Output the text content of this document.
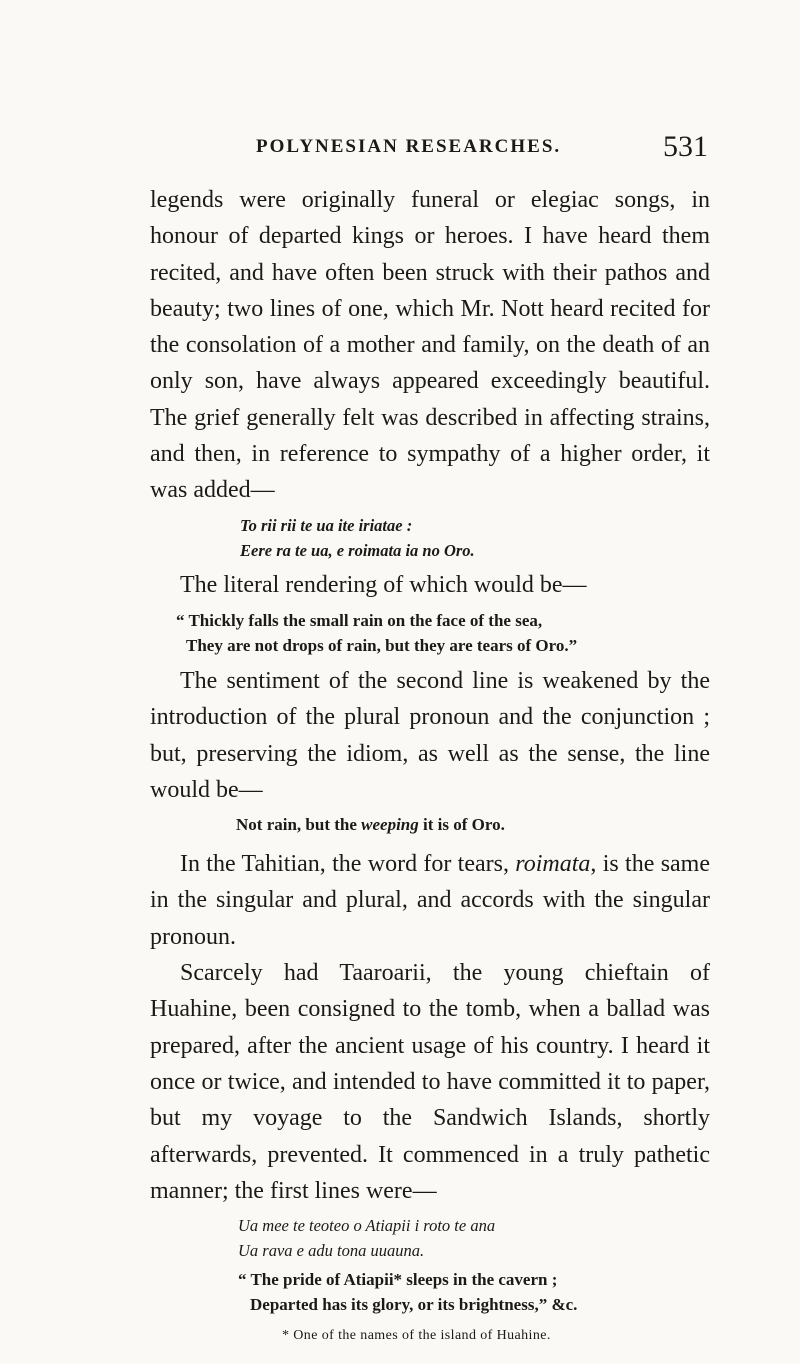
POLYNESIAN RESEARCHES.	531

legends were originally funeral or elegiac songs, in honour of departed kings or heroes. I have heard them recited, and have often been struck with their pathos and beauty; two lines of one, which Mr. Nott heard recited for the consolation of a mother and family, on the death of an only son, have always appeared exceedingly beautiful. The grief generally felt was described in affecting strains, and then, in reference to sympathy of a higher order, it was added—

To rii rii te ua ite iriatae :
Eere ra te ua, e roimata ia no Oro.

The literal rendering of which would be—

“ Thickly falls the small rain on the face of the sea,
They are not drops of rain, but they are tears of Oro.”

The sentiment of the second line is weakened by the introduction of the plural pronoun and the conjunction ; but, preserving the idiom, as well as the sense, the line would be—

Not rain, but the weeping it is of Oro.

In the Tahitian, the word for tears, roimata, is the same in the singular and plural, and accords with the singular pronoun.

Scarcely had Taaroarii, the young chieftain of Huahine, been consigned to the tomb, when a ballad was prepared, after the ancient usage of his country. I heard it once or twice, and intended to have committed it to paper, but my voyage to the Sandwich Islands, shortly afterwards, prevented. It commenced in a truly pathetic manner; the first lines were—

Ua mee te teoteo o Atiapii i roto te ana
Ua rava e adu tona uuauna.
“ The pride of Atiapii* sleeps in the cavern ;
Departed has its glory, or its brightness,” &c.
* One of the names of the island of Huahine.
